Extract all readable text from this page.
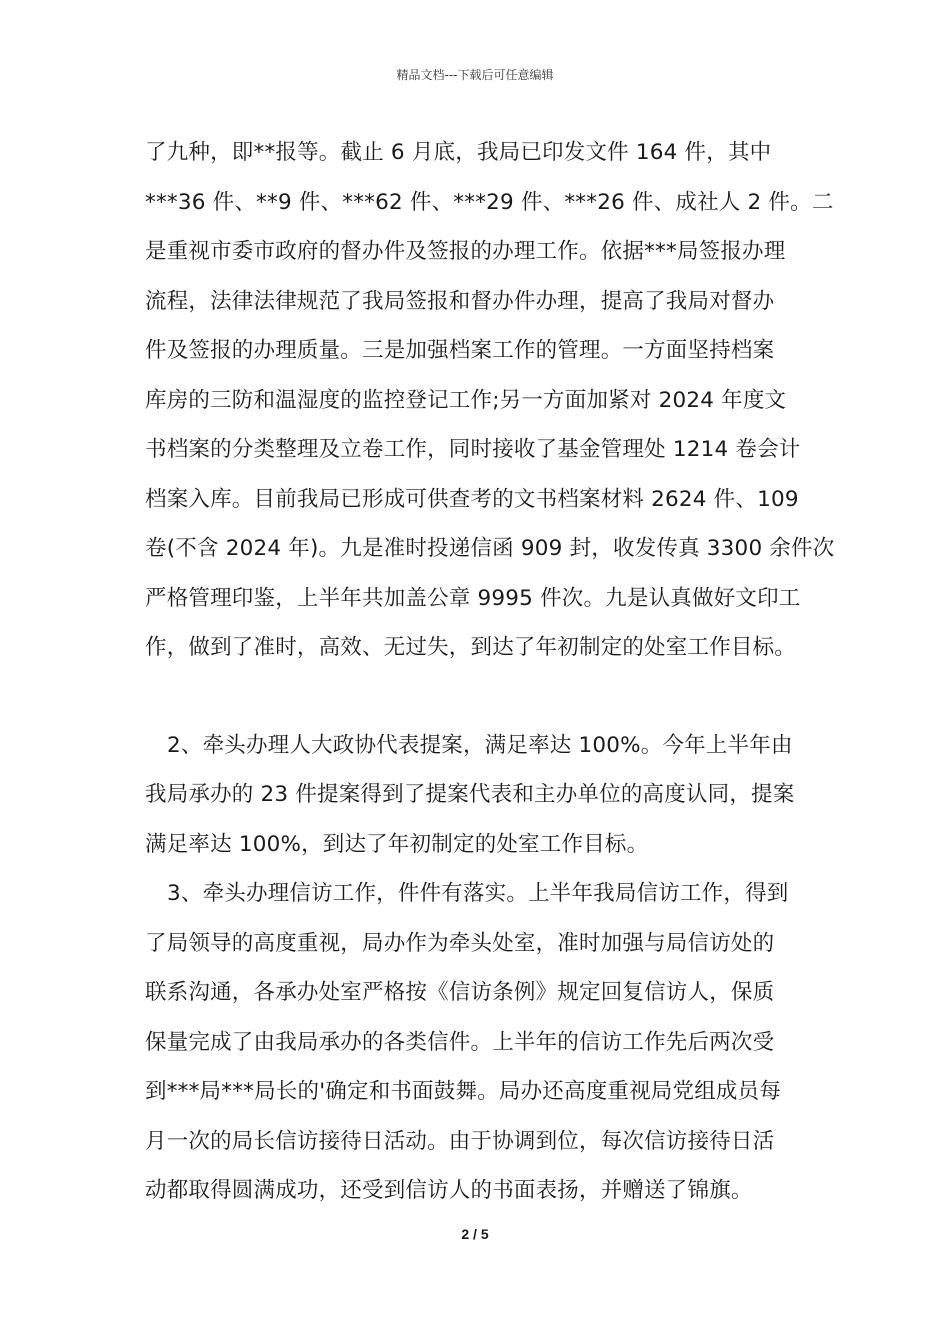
精品文档---下载后可任意编辑
了九种，即**报等。截止 6 月底，我局已印发文件 164 件，其中
***36 件、**9 件、***62 件、***29 件、***26 件、成社人 2 件。二
是重视市委市政府的督办件及签报的办理工作。依据***局签报办理
流程，法律法律规范了我局签报和督办件办理，提高了我局对督办
件及签报的办理质量。三是加强档案工作的管理。一方面坚持档案
库房的三防和温湿度的监控登记工作;另一方面加紧对 2024 年度文
书档案的分类整理及立卷工作，同时接收了基金管理处 1214 卷会计
档案入库。目前我局已形成可供查考的文书档案材料 2624 件、109
卷(不含 2024 年)。九是准时投递信函 909 封，收发传真 3300 余件次
严格管理印鉴，上半年共加盖公章 9995 件次。九是认真做好文印工
作，做到了准时，高效、无过失，到达了年初制定的处室工作目标。
2、牵头办理人大政协代表提案，满足率达 100%。今年上半年由
我局承办的 23 件提案得到了提案代表和主办单位的高度认同，提案
满足率达 100%，到达了年初制定的处室工作目标。
3、牵头办理信访工作，件件有落实。上半年我局信访工作，得到
了局领导的高度重视，局办作为牵头处室，准时加强与局信访处的
联系沟通，各承办处室严格按《信访条例》规定回复信访人，保质
保量完成了由我局承办的各类信件。上半年的信访工作先后两次受
到***局***局长的'确定和书面鼓舞。局办还高度重视局党组成员每
月一次的局长信访接待日活动。由于协调到位，每次信访接待日活
动都取得圆满成功，还受到信访人的书面表扬，并赠送了锦旗。
2 / 5
